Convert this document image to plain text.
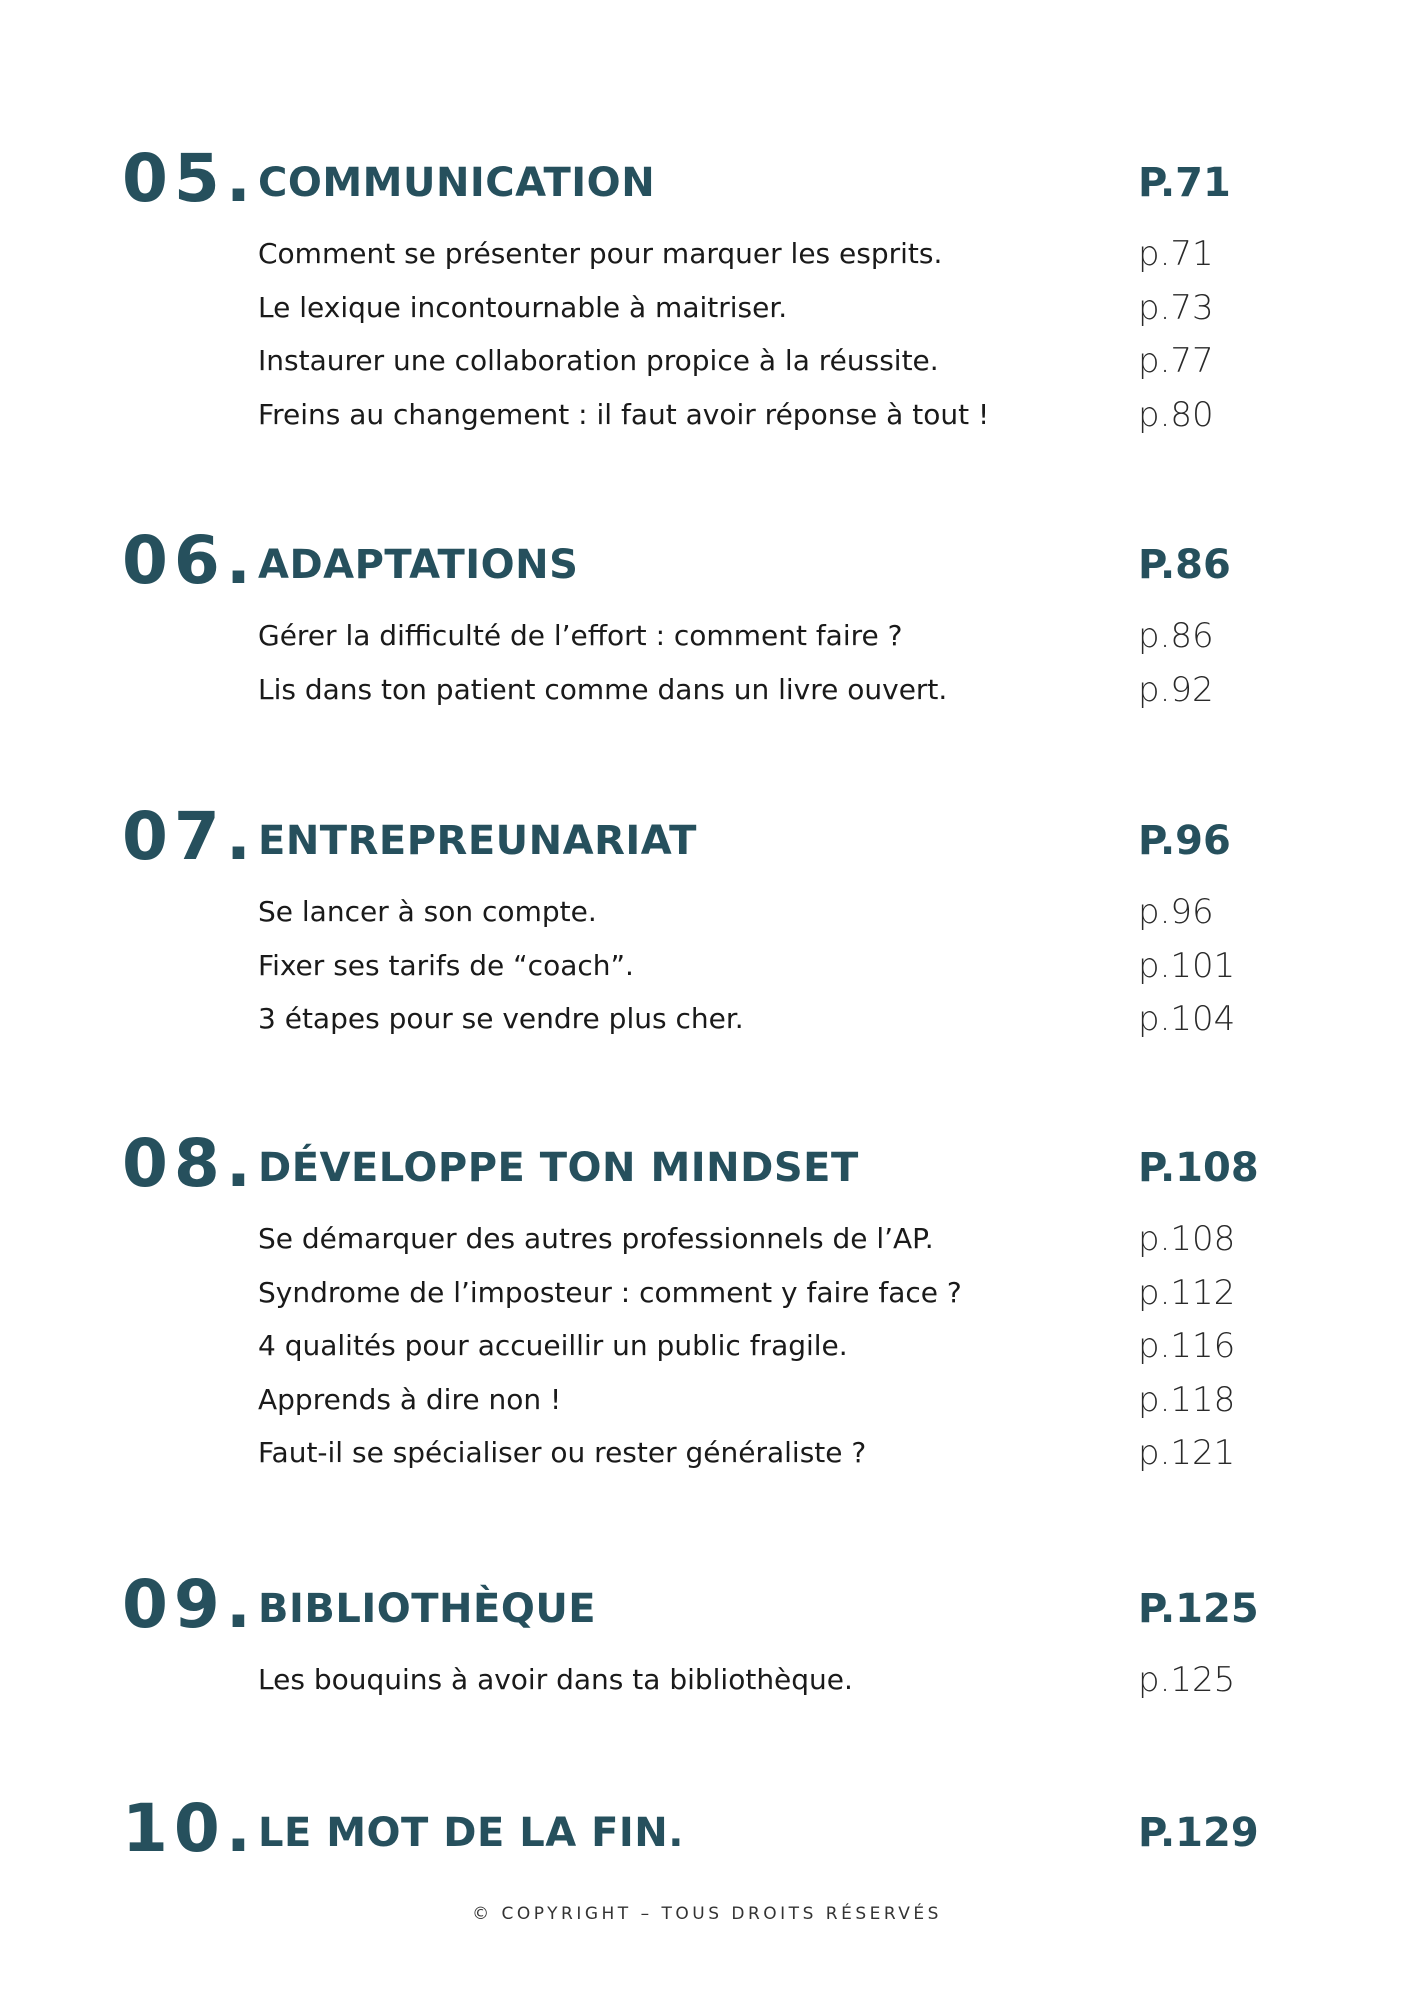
05. COMMUNICATION	P.71
Comment se présenter pour marquer les esprits.	p.71
Le lexique incontournable à maitriser.	p.73
Instaurer une collaboration propice à la réussite.	p.77
Freins au changement : il faut avoir réponse à tout !	p.80
06. ADAPTATIONS	P.86
Gérer la difficulté de l’effort : comment faire ?	p.86
Lis dans ton patient comme dans un livre ouvert.	p.92
07. ENTREPREUNARIAT	P.96
Se lancer à son compte.	p.96
Fixer ses tarifs de “coach”.	p.101
3 étapes pour se vendre plus cher.	p.104
08. DÉVELOPPE TON MINDSET	P.108
Se démarquer des autres professionnels de l’AP.	p.108
Syndrome de l’imposteur : comment y faire face ?	p.112
4 qualités pour accueillir un public fragile.	p.116
Apprends à dire non !	p.118
Faut-il se spécialiser ou rester généraliste ?	p.121
09. BIBLIOTHÈQUE	P.125
Les bouquins à avoir dans ta bibliothèque.	p.125
10. LE MOT DE LA FIN.	P.129
© COPYRIGHT – TOUS DROITS RÉSERVÉS
